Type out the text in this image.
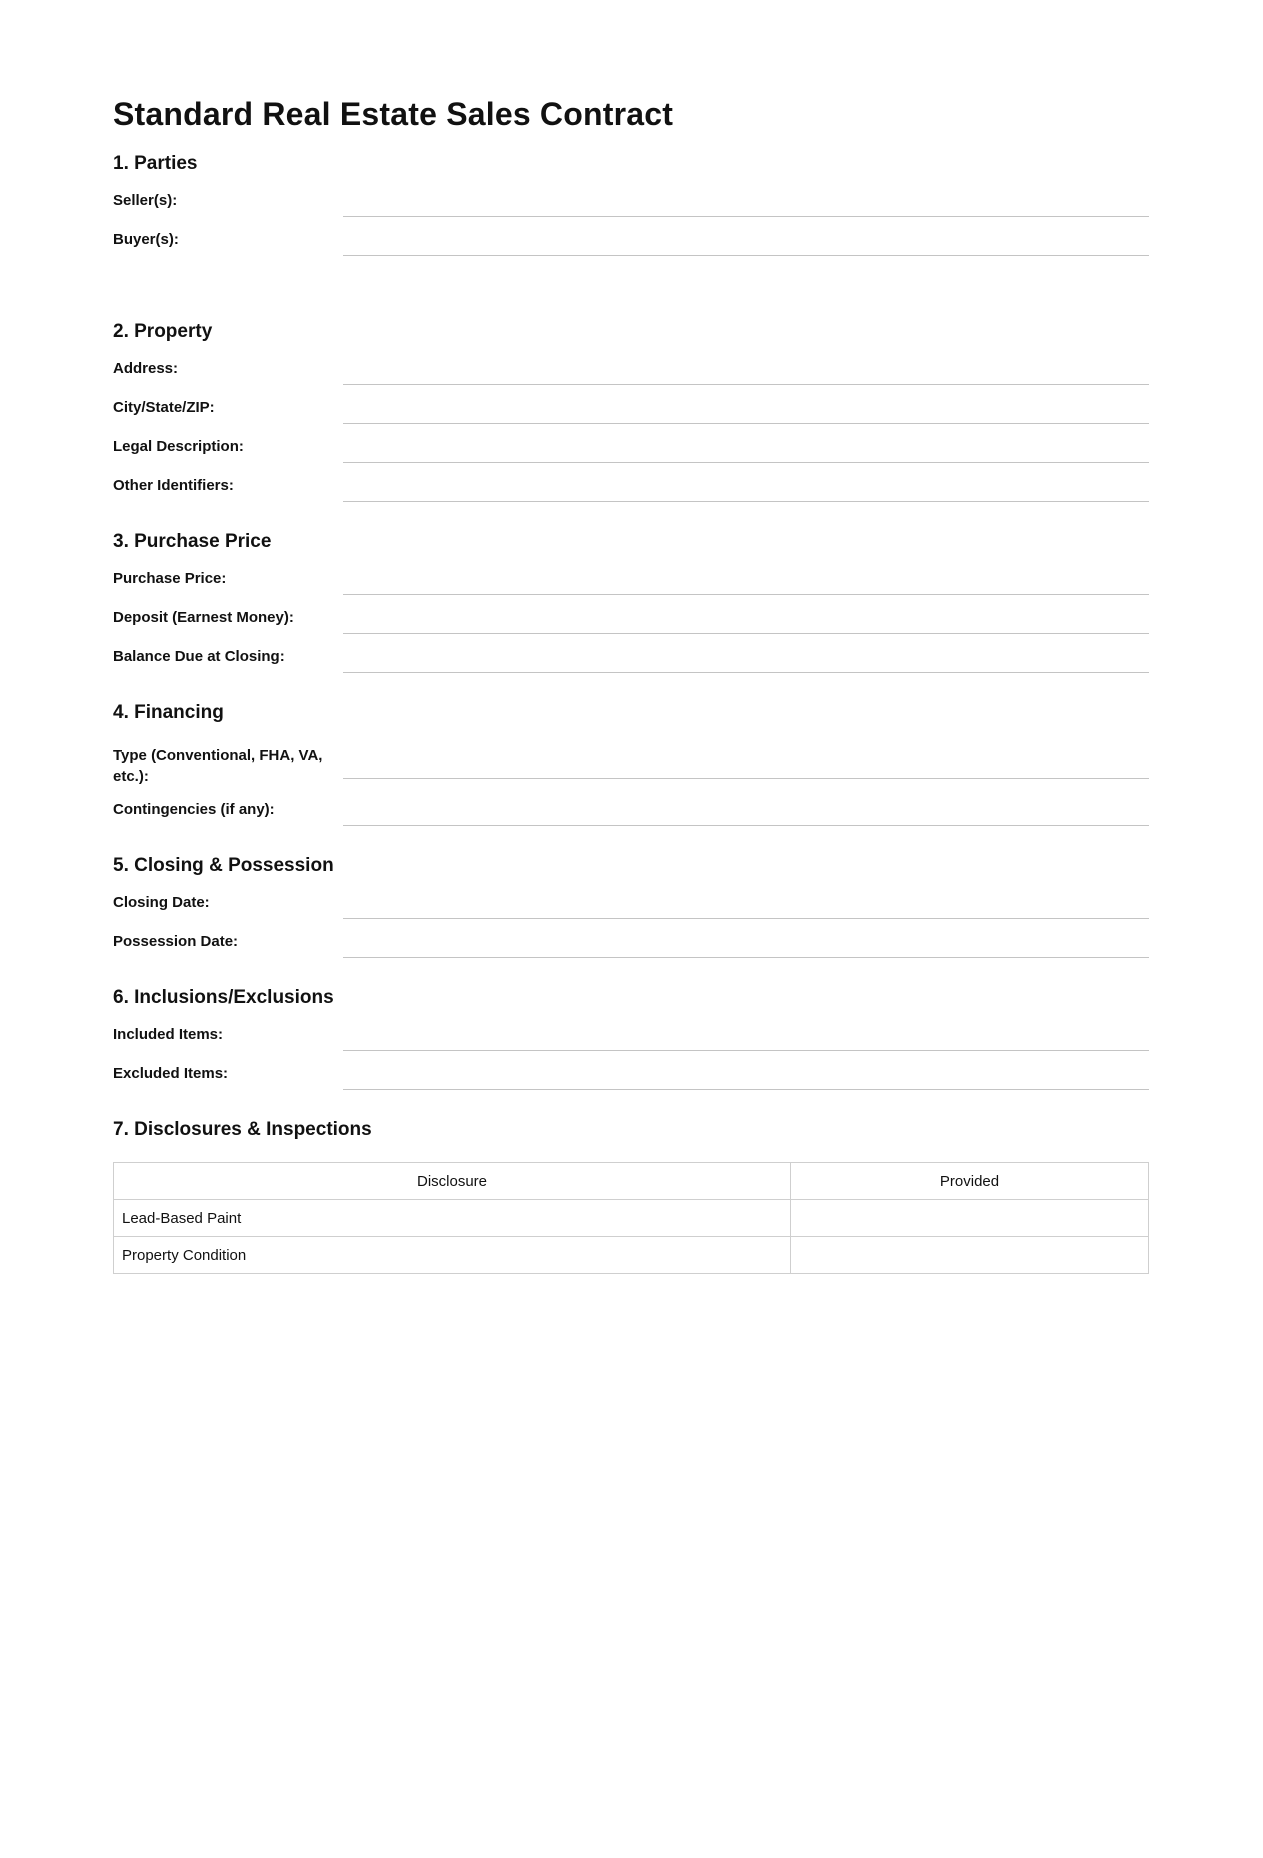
Standard Real Estate Sales Contract
1. Parties
Seller(s):
Buyer(s):
2. Property
Address:
City/State/ZIP:
Legal Description:
Other Identifiers:
3. Purchase Price
Purchase Price:
Deposit (Earnest Money):
Balance Due at Closing:
4. Financing
Type (Conventional, FHA, VA, etc.):
Contingencies (if any):
5. Closing & Possession
Closing Date:
Possession Date:
6. Inclusions/Exclusions
Included Items:
Excluded Items:
7. Disclosures & Inspections
Disclosure	Provided
Lead-Based Paint	
Property Condition	
